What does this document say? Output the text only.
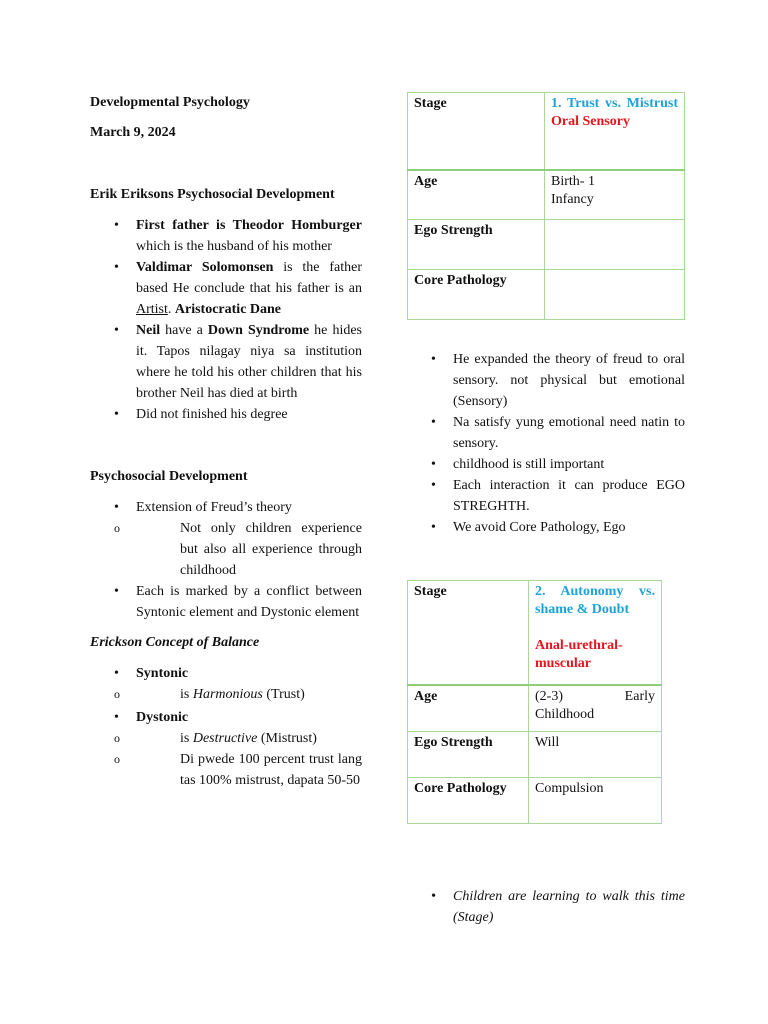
Developmental Psychology
March 9, 2024
Erik Eriksons Psychosocial Development
• First father is Theodor Homburger which is the husband of his mother
• Valdimar Solomonsen is the father based He conclude that his father is an Artist. Aristocratic Dane
• Neil have a Down Syndrome he hides it. Tapos nilagay niya sa institution where he told his other children that his brother Neil has died at birth
• Did not finished his degree
Psychosocial Development
• Extension of Freud’s theory
o Not only children experience but also all experience through childhood
• Each is marked by a conflict between Syntonic element and Dystonic element
Erickson Concept of Balance
• Syntonic
o is Harmonious (Trust)
• Dystonic
o is Destructive (Mistrust)
o Di pwede 100 percent trust lang tas 100% mistrust, dapata 50-50
Stage	1. Trust vs. Mistrust
Oral Sensory

Age	Birth- 1
Infancy

Ego Strength	
Core Pathology	
• He expanded the theory of freud to oral sensory. not physical but emotional (Sensory)
• Na satisfy yung emotional need natin to sensory.
• childhood is still important
• Each interaction it can produce EGO STREGHTH.
• We avoid Core Pathology, Ego
Stage	2. Autonomy vs. shame & Doubt
Anal-urethral-muscular

Age	(2-3) Early
Childhood

Ego Strength	Will
Core Pathology	Compulsion
• Children are learning to walk this time (Stage)
